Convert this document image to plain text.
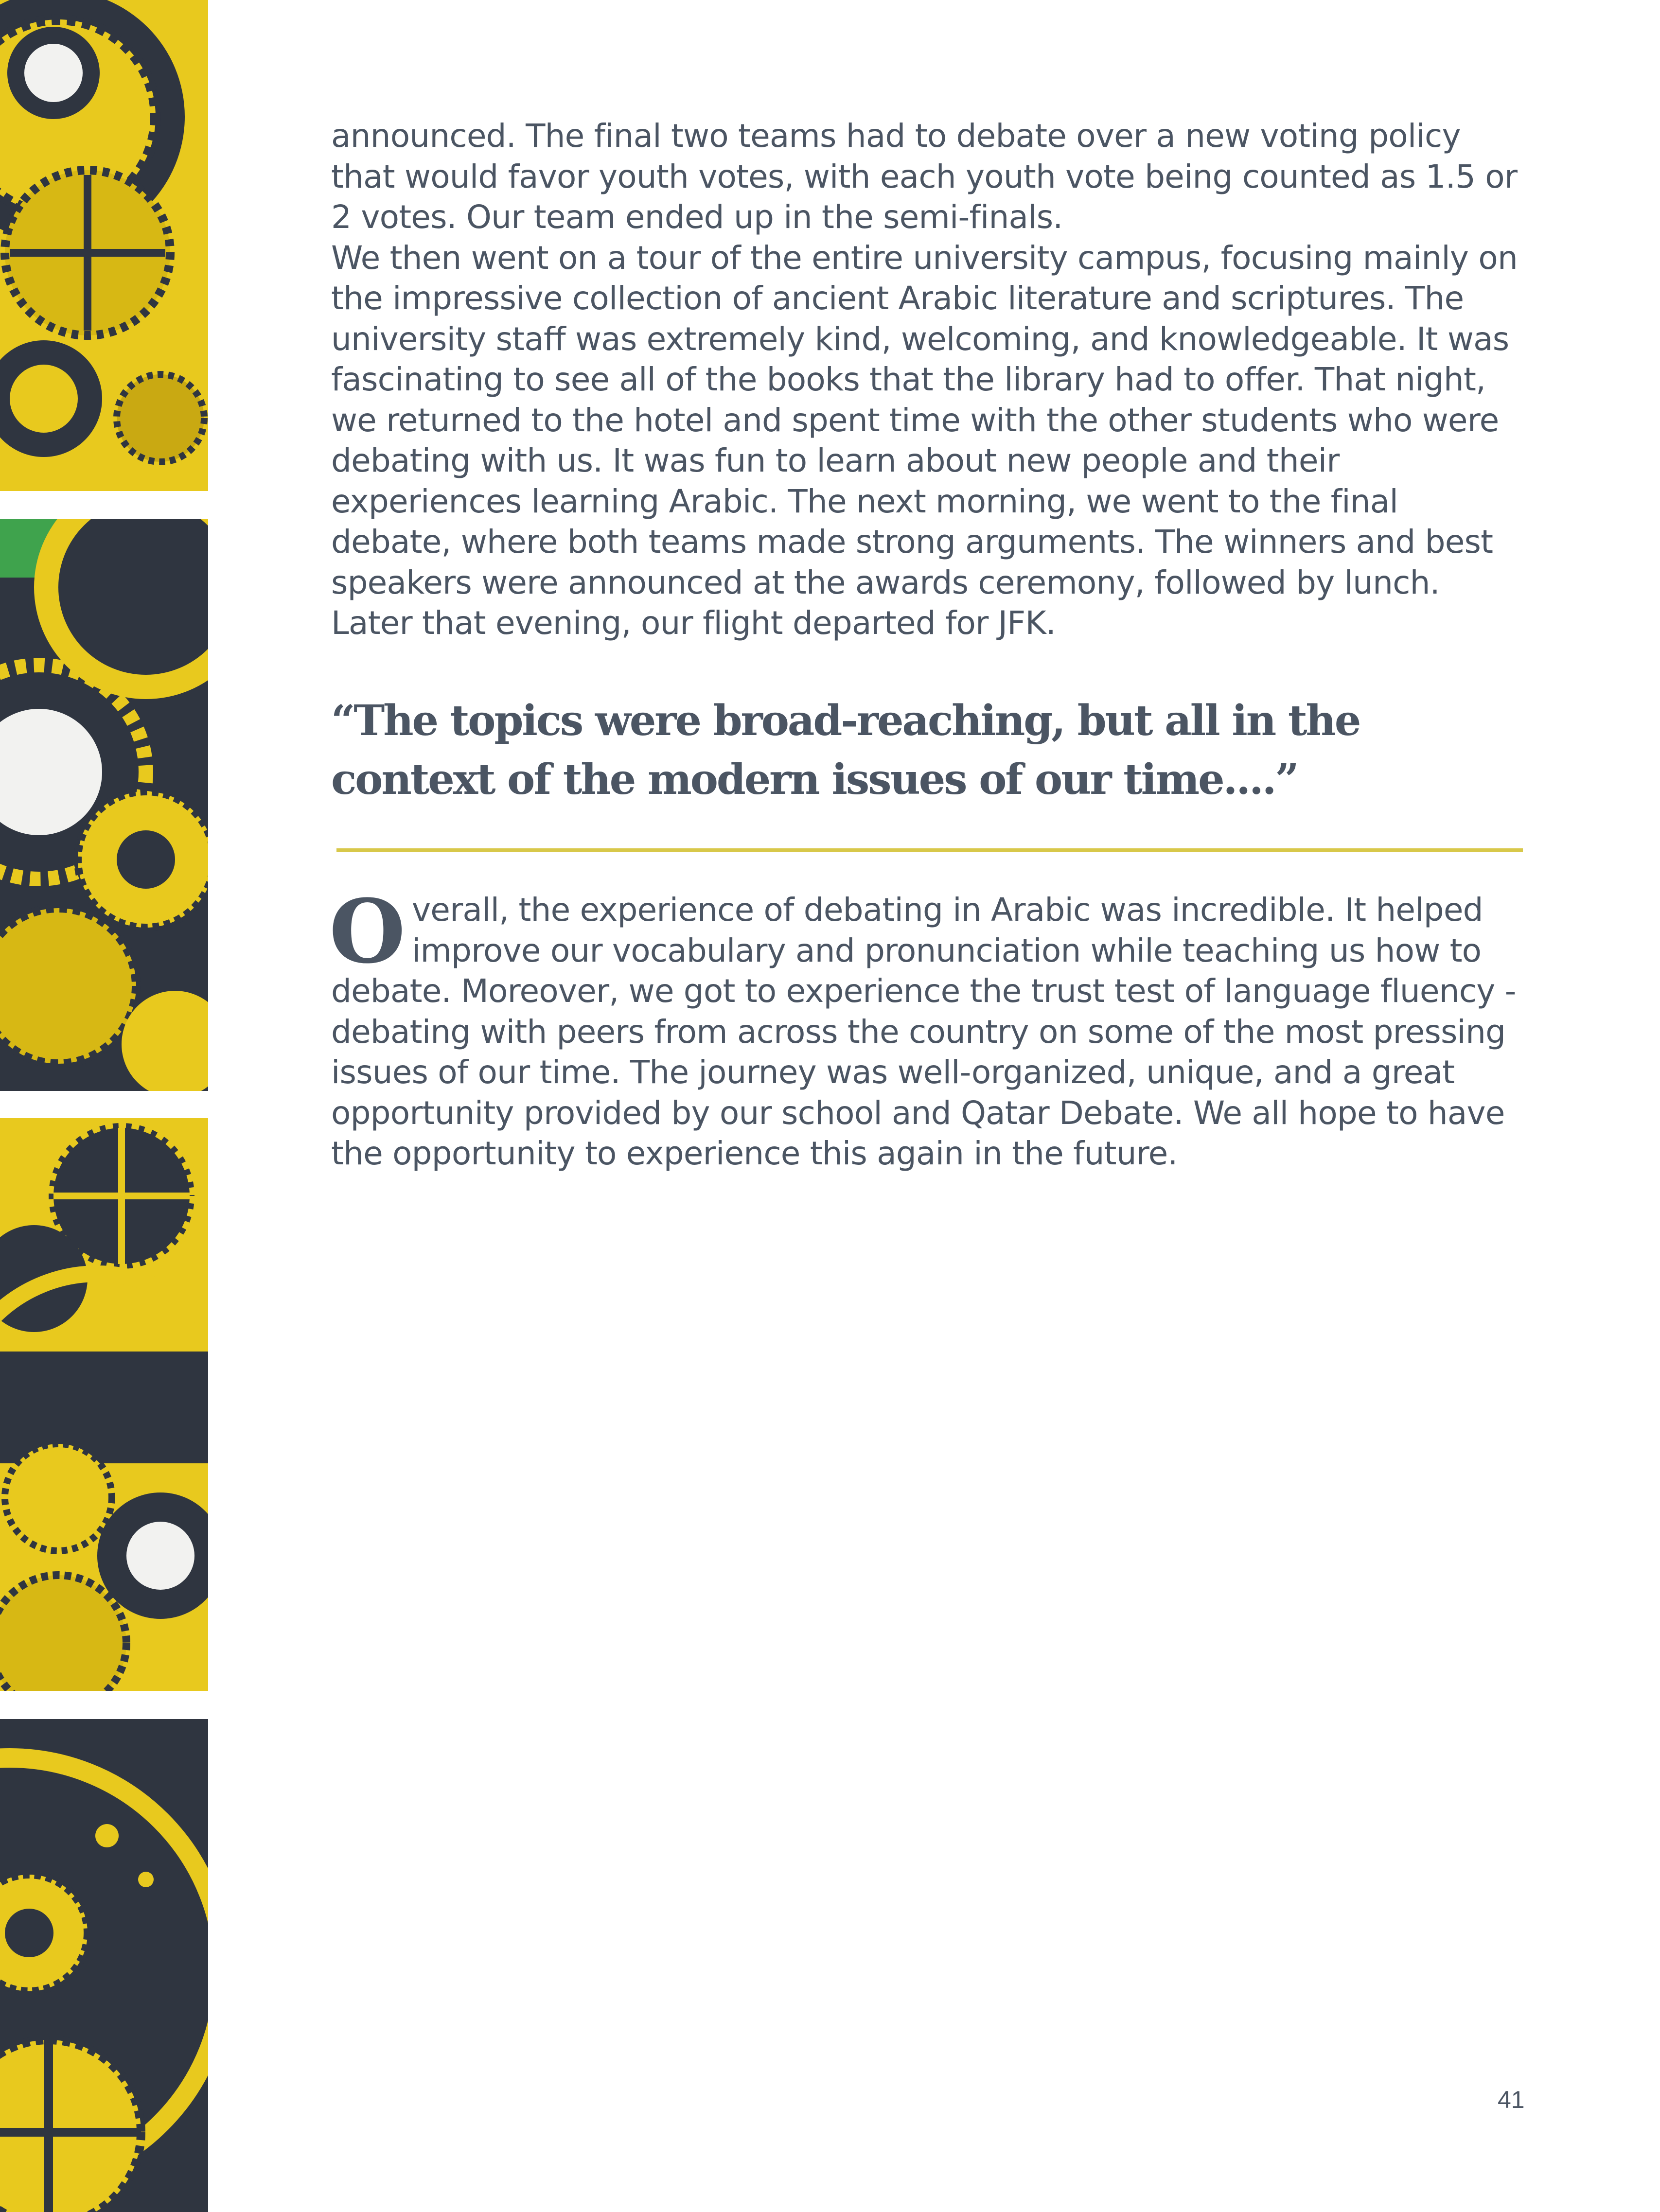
announced. The final two teams had to debate over a new voting policy that would favor youth votes, with each youth vote being counted as 1.5 or 2 votes. Our team ended up in the semi-finals.

We then went on a tour of the entire university campus, focusing mainly on the impressive collection of ancient Arabic literature and scriptures. The university staff was extremely kind, welcoming, and knowledgeable. It was fascinating to see all of the books that the library had to offer. That night, we returned to the hotel and spent time with the other students who were debating with us. It was fun to learn about new people and their experiences learning Arabic. The next morning, we went to the final debate, where both teams made strong arguments. The winners and best speakers were announced at the awards ceremony, followed by lunch. Later that evening, our flight departed for JFK.

“The topics were broad-reaching, but all in the context of the modern issues of our time....”

Overall, the experience of debating in Arabic was incredible. It helped improve our vocabulary and pronunciation while teaching us how to debate. Moreover, we got to experience the trust test of language fluency - debating with peers from across the country on some of the most pressing issues of our time. The journey was well-organized, unique, and a great opportunity provided by our school and Qatar Debate. We all hope to have the opportunity to experience this again in the future.

41
